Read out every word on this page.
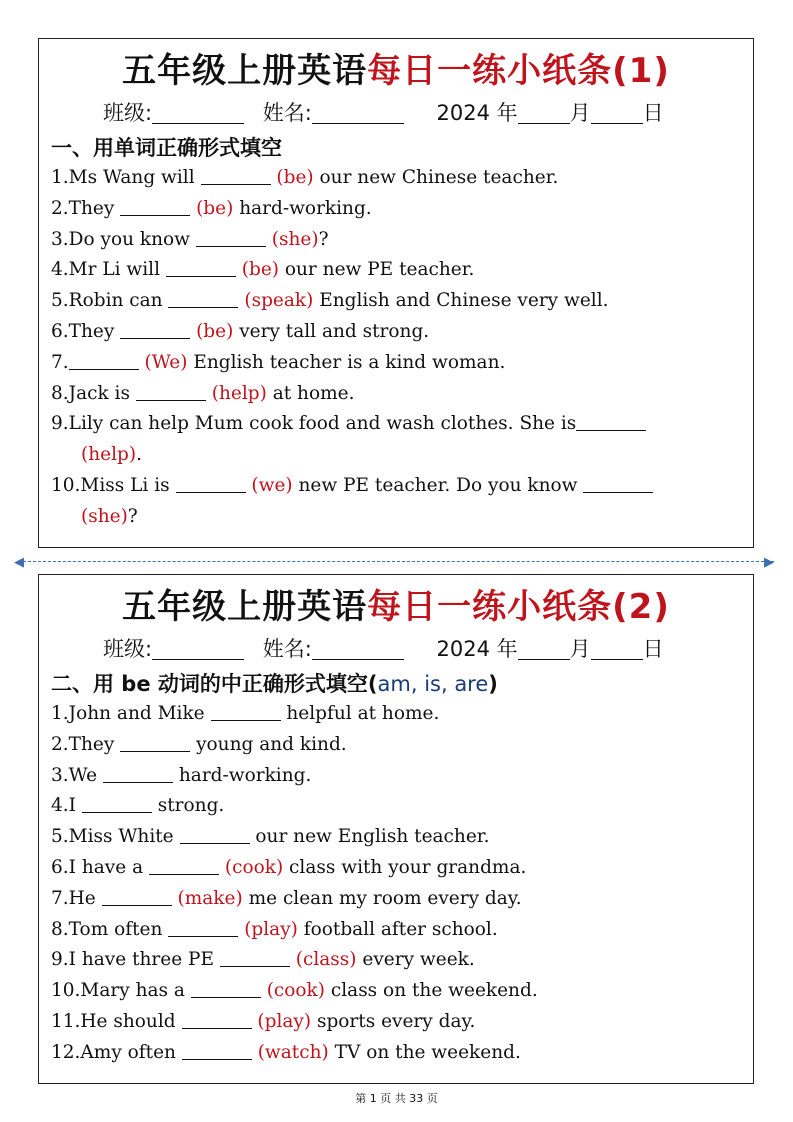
五年级上册英语每日一练小纸条(1)
班级:	姓名:	2024 年 月 日
一、用单词正确形式填空
1.Ms Wang will	(be) our new Chinese teacher.
2.They	(be) hard-working.
3.Do you know	(she)?
4.Mr Li will	(be) our new PE teacher.
5.Robin can	(speak) English and Chinese very well.
6.They	(be) very tall and strong.
7.	(We) English teacher is a kind woman.
8.Jack is	(help) at home.
9.Lily can help Mum cook food and wash clothes. She is
(help).
10.Miss Li is	(we) new PE teacher. Do you know
(she)?
◀	▶
五年级上册英语每日一练小纸条(2)
班级:	姓名:	2024 年 月 日
二、用 be 动词的中正确形式填空(am, is, are)
1.John and Mike	helpful at home.
2.They	young and kind.
3.We	hard-working.
4.I	strong.
5.Miss White	our new English teacher.
6.I have a	(cook) class with your grandma.
7.He	(make) me clean my room every day.
8.Tom often	(play) football after school.
9.I have three PE	(class) every week.
10.Mary has a	(cook) class on the weekend.
11.He should	(play) sports every day.
12.Amy often	(watch) TV on the weekend.
第 1 页 共 33 页
